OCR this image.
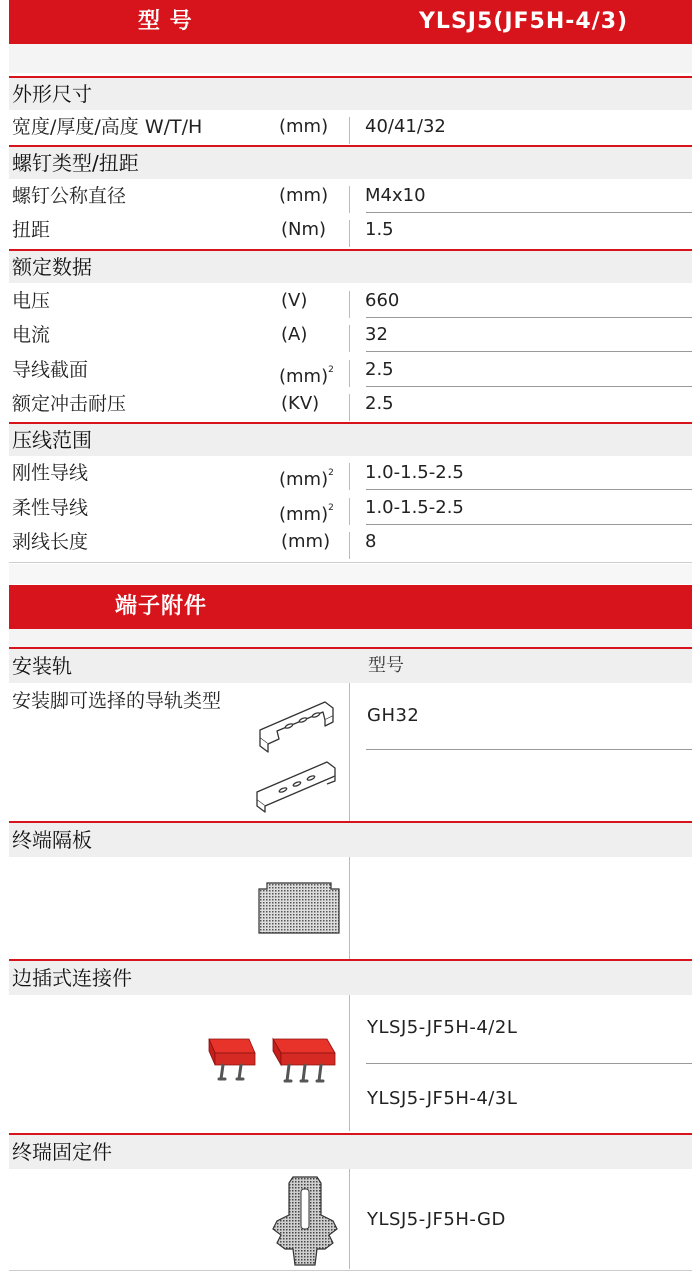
型 号	YLSJ5(JF5H-4/3)
外形尺寸
宽度/厚度/高度 W/T/H	(mm) 40/41/32
螺钉类型/扭距
螺钉公称直径	(mm) M4x10
扭距	(Nm) 1.5
额定数据
电压	(V)	660
电流	(A)	32
导线截面	(mm)$^2$ 2.5
额定冲击耐压	(KV)	2.5
压线范围
刚性导线	(mm)$^2$ 1.0-1.5-2.5
柔性导线	(mm)$^2$ 1.0-1.5-2.5
剥线长度	(mm) 8
端子附件
安装轨	型号
安装脚可选择的导轨类型
GH32
终端隔板
边插式连接件
YLSJ5-JF5H-4/2L
YLSJ5-JF5H-4/3L
终瑞固定件
YLSJ5-JF5H-GD
